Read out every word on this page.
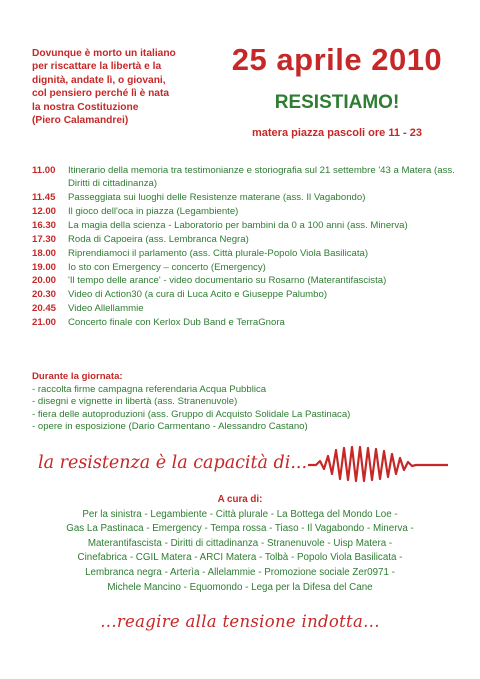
Dovunque è morto un italiano
per riscattare la libertà e la
dignità, andate lì, o giovani,
col pensiero perché lì è nata
la nostra Costituzione
(Piero Calamandrei)
25 aprile 2010
RESISTIAMO!
matera piazza pascoli ore 11 - 23
11.00	Itinerario della memoria tra testimonianze e storiografia sul 21 settembre '43 a Matera (ass. Diritti di cittadinanza)
11.45	Passeggiata sui luoghi delle Resistenze materane (ass. Il Vagabondo)
12.00	Il gioco dell'oca in piazza (Legambiente)
16.30	La magia della scienza - Laboratorio per bambini da 0 a 100 anni (ass. Minerva)
17.30	Roda di Capoeira (ass. Lembranca Negra)
18.00	Riprendiamoci il parlamento (ass. Città plurale-Popolo Viola Basilicata)
19.00	Io sto con Emergency – concerto (Emergency)
20.00	'Il tempo delle arance' - video documentario su Rosarno (Materantifascista)
20.30	Video di Action30 (a cura di Luca Acito e Giuseppe Palumbo)
20.45	Video Allellammie
21.00	Concerto finale con Kerlox Dub Band e TerraGnora
Durante la giornata:
- raccolta firme campagna referendaria Acqua Pubblica
- disegni e vignette in libertà (ass. Stranenuvole)
- fiera delle autoproduzioni (ass. Gruppo di Acquisto Solidale La Pastinaca)
- opere in esposizione (Dario Carmentano - Alessandro Castano)
la resistenza è la capacità di...
A cura di:
Per la sinistra - Legambiente - Città plurale - La Bottega del Mondo Loe -
Gas La Pastinaca - Emergency - Tempa rossa - Tiaso - Il Vagabondo - Minerva -
Materantifascista - Diritti di cittadinanza - Stranenuvole - Uisp Matera -
Cinefabrica - CGIL Matera - ARCI Matera - Tolbà - Popolo Viola Basilicata -
Lembranca negra - Arterìa - Allelammie - Promozione sociale Zer0971 -
Michele Mancino - Equomondo - Lega per la Difesa del Cane
...reagire alla tensione indotta...
